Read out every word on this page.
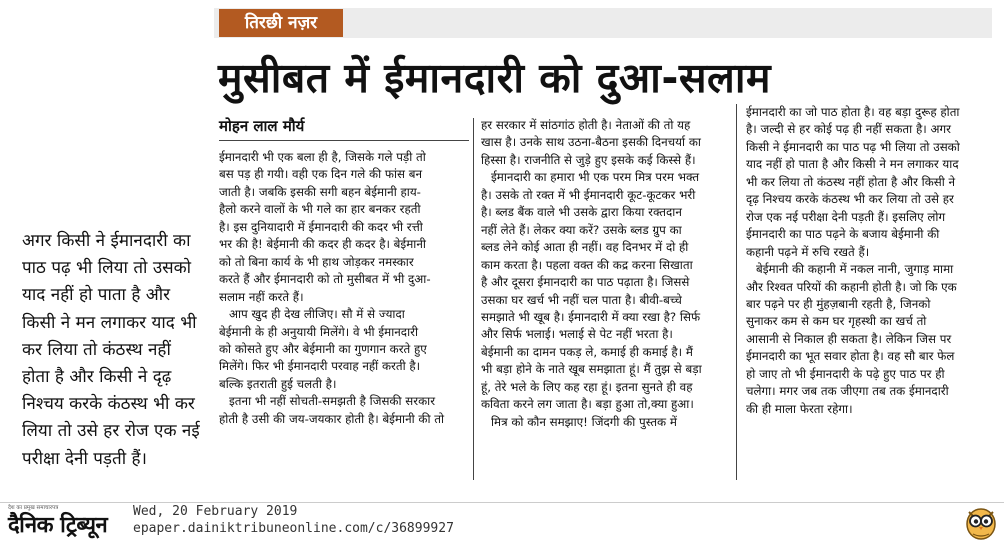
तिरछी नज़र
मुसीबत में ईमानदारी को दुआ-सलाम
मोहन लाल मौर्य
अगर किसी ने ईमानदारी का
पाठ पढ़ भी लिया तो उसको
याद नहीं हो पाता है और
किसी ने मन लगाकर याद भी
कर लिया तो कंठस्थ नहीं
होता है और किसी ने दृढ़
निश्चय करके कंठस्थ भी कर
लिया तो उसे हर रोज एक नई
परीक्षा देनी पड़ती हैं।
ईमानदारी भी एक बला ही है, जिसके गले पड़ी तो
बस पड़ ही गयी। वही एक दिन गले की फांस बन
जाती है। जबकि इसकी सगी बहन बेईमानी हाय-
हैलो करने वालों के भी गले का हार बनकर रहती
है। इस दुनियादारी में ईमानदारी की कदर भी रत्ती
भर की है! बेईमानी की कदर ही कदर है। बेईमानी
को तो बिना कार्य के भी हाथ जोड़कर नमस्कार
करते हैं और ईमानदारी को तो मुसीबत में भी दुआ-
सलाम नहीं करते हैं।
आप खुद ही देख लीजिए। सौ में से ज्यादा
बेईमानी के ही अनुयायी मिलेंगे। वे भी ईमानदारी
को कोसते हुए और बेईमानी का गुणगान करते हुए
मिलेंगे। फिर भी ईमानदारी परवाह नहीं करती है।
बल्कि इतराती हुई चलती है।
इतना भी नहीं सोचती-समझती है जिसकी सरकार
होती है उसी की जय-जयकार होती है। बेईमानी की तो
हर सरकार में सांठगांठ होती है। नेताओं की तो यह
खास है। उनके साथ उठना-बैठना इसकी दिनचर्या का
हिस्सा है। राजनीति से जुड़े हुए इसके कई किस्से हैं।
ईमानदारी का हमारा भी एक परम मित्र परम भक्त
है। उसके तो रक्त में भी ईमानदारी कूट-कूटकर भरी
है। ब्लड बैंक वाले भी उसके द्वारा किया रक्तदान
नहीं लेते हैं। लेकर क्या करें? उसके ब्लड ग्रुप का
ब्लड लेने कोई आता ही नहीं। वह दिनभर में दो ही
काम करता है। पहला वक्त की कद्र करना सिखाता
है और दूसरा ईमानदारी का पाठ पढ़ाता है। जिससे
उसका घर खर्च भी नहीं चल पाता है। बीवी-बच्चे
समझाते भी खूब है। ईमानदारी में क्या रखा है? सिर्फ
और सिर्फ भलाई। भलाई से पेट नहीं भरता है।
बेईमानी का दामन पकड़ ले, कमाई ही कमाई है। मैं
भी बड़ा होने के नाते खूब समझाता हूं। मैं तुझ से बड़ा
हूं, तेरे भले के लिए कह रहा हूं। इतना सुनते ही वह
कविता करने लग जाता है। बड़ा हुआ तो,क्या हुआ।
मित्र को कौन समझाए! जिंदगी की पुस्तक में
ईमानदारी का जो पाठ होता है। वह बड़ा दुरूह होता
है। जल्दी से हर कोई पढ़ ही नहीं सकता है। अगर
किसी ने ईमानदारी का पाठ पढ़ भी लिया तो उसको
याद नहीं हो पाता है और किसी ने मन लगाकर याद
भी कर लिया तो कंठस्थ नहीं होता है और किसी ने
दृढ़ निश्चय करके कंठस्थ भी कर लिया तो उसे हर
रोज एक नई परीक्षा देनी पड़ती हैं। इसलिए लोग
ईमानदारी का पाठ पढ़ने के बजाय बेईमानी की
कहानी पढ़ने में रुचि रखते हैं।
बेईमानी की कहानी में नकल नानी, जुगाड़ मामा
और रिश्वत परियों की कहानी होती है। जो कि एक
बार पढ़ने पर ही मुंहज़बानी रहती है, जिनको
सुनाकर कम से कम घर गृहस्थी का खर्च तो
आसानी से निकाल ही सकता है। लेकिन जिस पर
ईमानदारी का भूत सवार होता है। वह सौ बार फेल
हो जाए तो भी ईमानदारी के पढ़े हुए पाठ पर ही
चलेगा। मगर जब तक जीएगा तब तक ईमानदारी
की ही माला फेरता रहेगा।
देश का प्रमुख समाचारपत्र
दैनिक ट्रिब्यून
Wed, 20 February 2019
epaper.dainiktribuneonline.com/c/36899927
